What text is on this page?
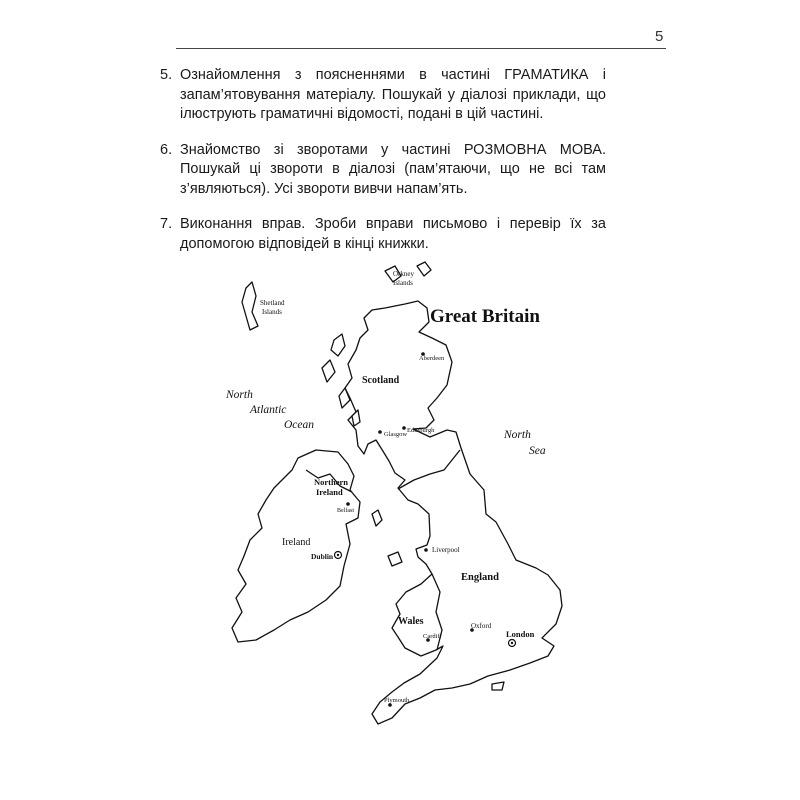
5
5. Ознайомлення з поясненнями в частині ГРАМАТИКА і запам’ятовування матеріалу. Пошукай у діалозі приклади, що ілюструють граматичні відомості, подані в цій частині.
6. Знайомство зі зворотами у частині РОЗМОВНА МОВА. Пошукай ці звороти в діалозі (пам’ятаючи, що не всі там з’являються). Усі звороти вивчи напам’ять.
7. Виконання вправ. Зроби вправи письмово і перевір їх за допомогою відповідей в кінці книжки.
Great Britain
Orkney
Islands
Shetland
Islands
Aberdeen
Scotland
North
Atlantic
Ocean
Glasgow
Edinburgh	North
Sea
Northern
Ireland
Belfast
Ireland
Dublin
Liverpool
England
Wales	Oxford
London
Cardiff
Plymouth
